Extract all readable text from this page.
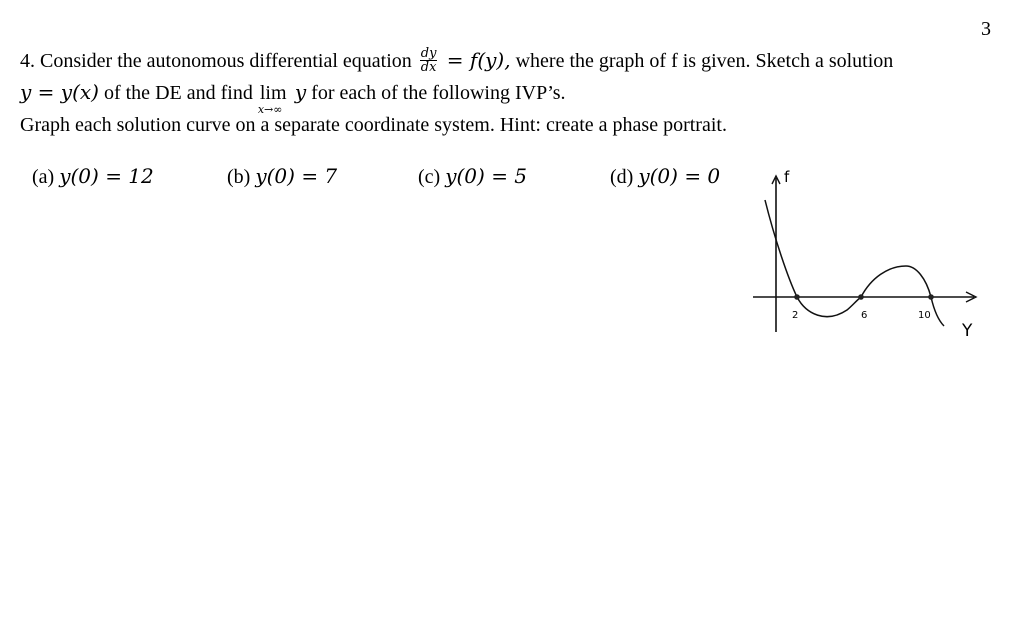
3
4. Consider the autonomous differential equation $\frac{dy}{dx} = f(y)$, where the graph of f is given. Sketch a solution
y = y(x) of the DE and find lim
x→∞
y for each of the following IVP’s.
Graph each solution curve on a separate coordinate system. Hint: create a phase portrait.
(a) y(0) = 12	(b) y(0) = 7	(c) y(0) = 5	(d) y(0) = 0	f
Y
2	6	10
